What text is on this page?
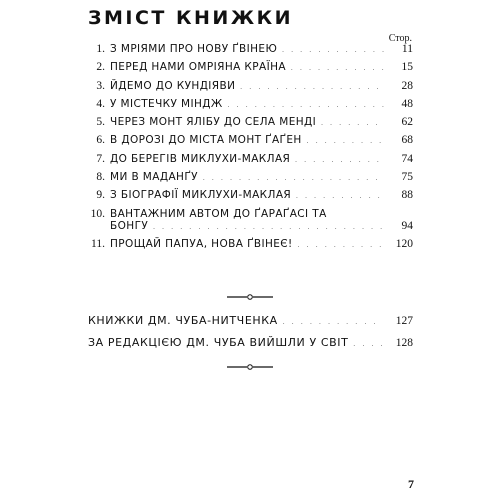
ЗМІСТ КНИЖКИ
Стор.
1. З МРІЯМИ ПРО НОВУ ҐВІНЕЮ . . .	11
2. ПЕРЕД НАМИ ОМРІЯНА КРАЇНА . . .	15
3. ЙДЕМО ДО КУНДІЯВИ . . .	28
4. У МІСТЕЧКУ МІНДЖ . . .	48
5. ЧЕРЕЗ МОНТ ЯЛІБУ ДО СЕЛА МЕНДІ . . .	62
6. В ДОРОЗІ ДО МІСТА МОНТ ҐАҐЕН . . .	68
7. ДО БЕРЕГІВ МИКЛУХИ-МАКЛАЯ . . .	74
8. МИ В МАДАНҐУ . . .	75
9. З БІОГРАФІЇ МИКЛУХИ-МАКЛАЯ . . .	88
10. ВАНТАЖНИМ АВТОМ ДО ҐАРАҐАСІ ТА
БОНГУ . . .	94
11. ПРОЩАЙ ПАПУА, НОВА ҐВІНЕЄ! . . .	120
КНИЖКИ ДМ. ЧУБА-НИТЧЕНКА . . .	127
ЗА РЕДАКЦІЄЮ ДМ. ЧУБА ВИЙШЛИ У СВІТ . . .	128
7
